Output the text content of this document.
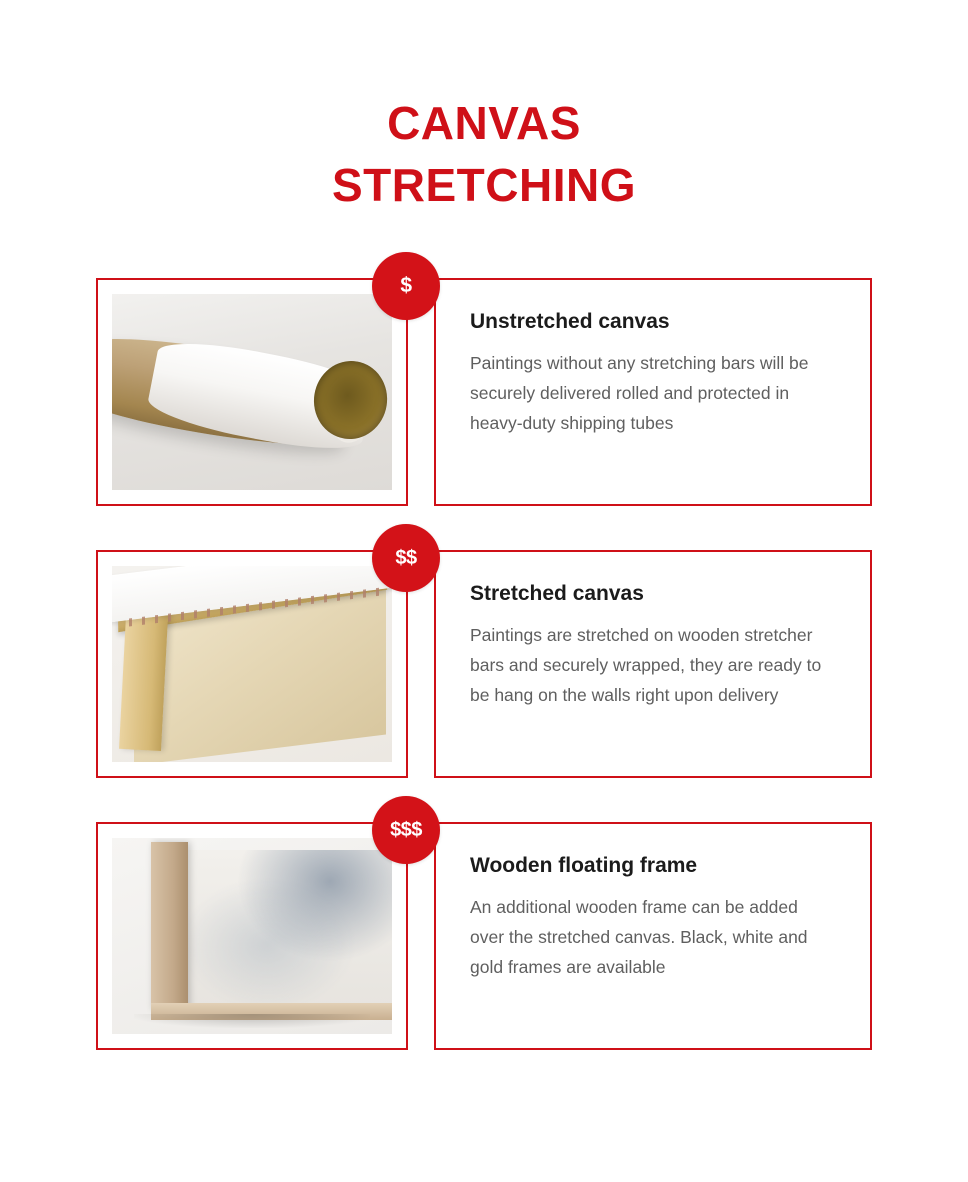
CANVAS
STRETCHING
$

Unstretched canvas

Paintings without any stretching bars will be securely delivered rolled and protected in heavy-duty shipping tubes

$$

Stretched canvas

Paintings are stretched on wooden stretcher bars and securely wrapped, they are ready to be hang on the walls right upon delivery

$$$

Wooden floating frame

An additional wooden frame can be added over the stretched canvas. Black, white and gold frames are available
